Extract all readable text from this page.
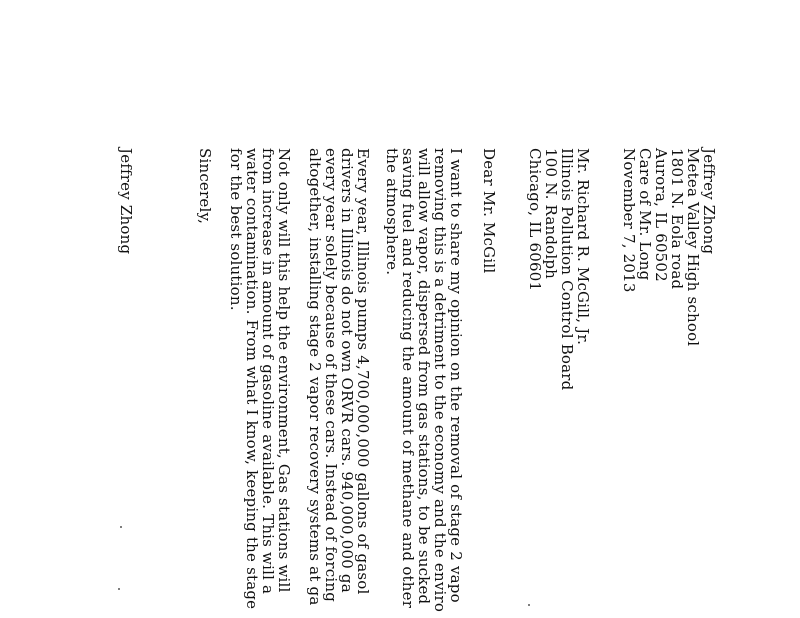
Jeffrey Zhong
Metea Valley High school
1801 N. Eola road
Aurora, IL 60502
Care of Mr. Long
November 7, 2013
Mr. Richard R. McGill, Jr.
Illinois Pollution Control Board
100 N. Randolph
Chicago, IL 60601
Dear Mr. McGill
I want to share my opinion on the removal of stage 2 vapo
removing this is a detriment to the economy and the enviro
will allow vapor, dispersed from gas stations, to be sucked
saving fuel and reducing the amount of methane and other
the atmosphere.
Every year, Illinois pumps 4,700,000,000 gallons of gasol
drivers in Illinois do not own ORVR cars. 940,000,000 ga
every year solely because of these cars. Instead of forcing
altogether, installing stage 2 vapor recovery systems at ga
Not only will this help the environment, Gas stations will
from increase in amount of gasoline available. This will a
water contamination. From what I know, keeping the stage
for the best solution.
Sincerely,
Jeffrey Zhong
